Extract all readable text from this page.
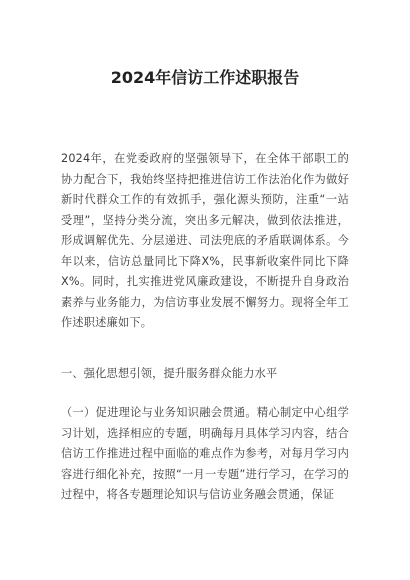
2024年信访工作述职报告

2024年，在党委政府的坚强领导下，在全体干部职工的协力配合下，我始终坚持把推进信访工作法治化作为做好新时代群众工作的有效抓手，强化源头预防，注重“一站受理”，坚持分类分流，突出多元解决，做到依法推进，形成调解优先、分层递进、司法兜底的矛盾联调体系。今年以来，信访总量同比下降X%，民事新收案件同比下降X%。同时，扎实推进党风廉政建设，不断提升自身政治素养与业务能力，为信访事业发展不懈努力。现将全年工作述职述廉如下。

一、强化思想引领，提升服务群众能力水平

（一）促进理论与业务知识融会贯通。精心制定中心组学习计划，选择相应的专题，明确每月具体学习内容，结合信访工作推进过程中面临的难点作为参考，对每月学习内容进行细化补充，按照“一月一专题”进行学习，在学习的过程中，将各专题理论知识与信访业务融会贯通，保证
